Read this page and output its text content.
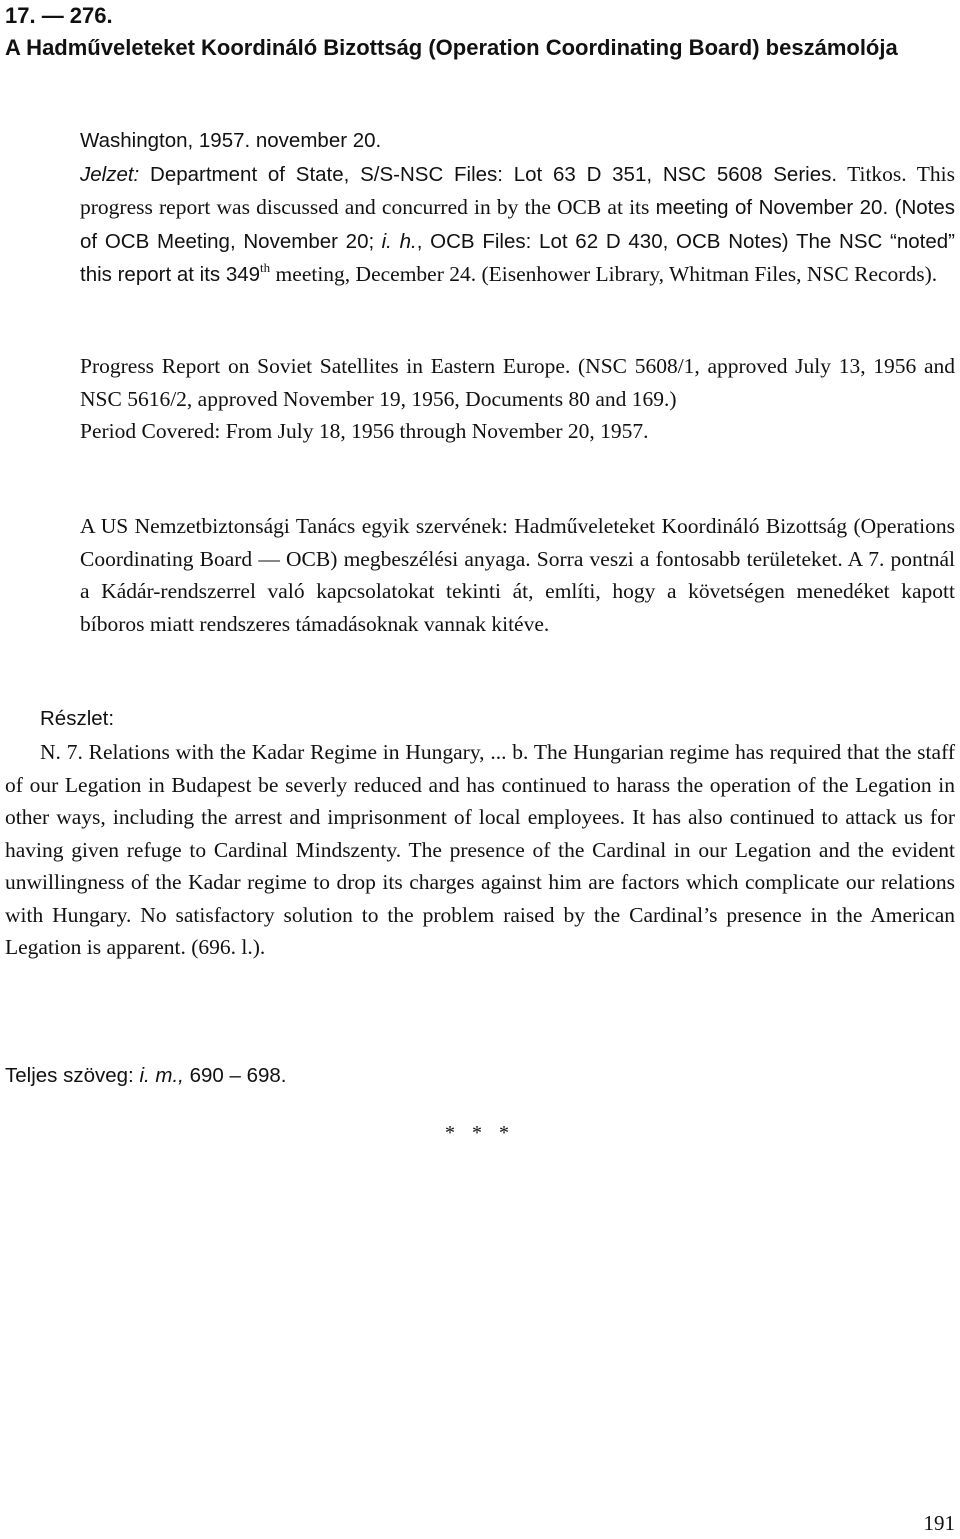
17. — 276.
A Hadműveleteket Koordináló Bizottság (Operation Coordinating Board) beszámolója

Washington, 1957. november 20.

Jelzet: Department of State, S/S-NSC Files: Lot 63 D 351, NSC 5608 Series. Titkos. This progress report was discussed and concurred in by the OCB at its meeting of November 20. (Notes of OCB Meeting, November 20; i. h., OCB Files: Lot 62 D 430, OCB Notes) The NSC “noted” this report at its 349th meeting, December 24. (Eisenhower Library, Whitman Files, NSC Records).

Progress Report on Soviet Satellites in Eastern Europe. (NSC 5608/1, approved July 13, 1956 and NSC 5616/2, approved November 19, 1956, Documents 80 and 169.)

Period Covered: From July 18, 1956 through November 20, 1957.

A US Nemzetbiztonsági Tanács egyik szervének: Hadműveleteket Koordináló Bizottság (Operations Coordinating Board — OCB) megbeszélési anyaga. Sorra veszi a fontosabb területeket. A 7. pontnál a Kádár-rendszerrel való kapcsolatokat tekinti át, említi, hogy a követségen menedéket kapott bíboros miatt rendszeres támadásoknak vannak kitéve.

Részlet:

N. 7. Relations with the Kadar Regime in Hungary, ... b. The Hungarian regime has required that the staff of our Legation in Budapest be severly reduced and has continued to harass the operation of the Legation in other ways, including the arrest and imprisonment of local employees. It has also continued to attack us for having given refuge to Cardinal Mindszenty. The presence of the Cardinal in our Legation and the evident unwillingness of the Kadar regime to drop its charges against him are factors which complicate our relations with Hungary. No satisfactory solution to the problem raised by the Cardinal’s presence in the American Legation is apparent. (696. l.).

Teljes szöveg: i. m., 690 – 698.
* * *
191
